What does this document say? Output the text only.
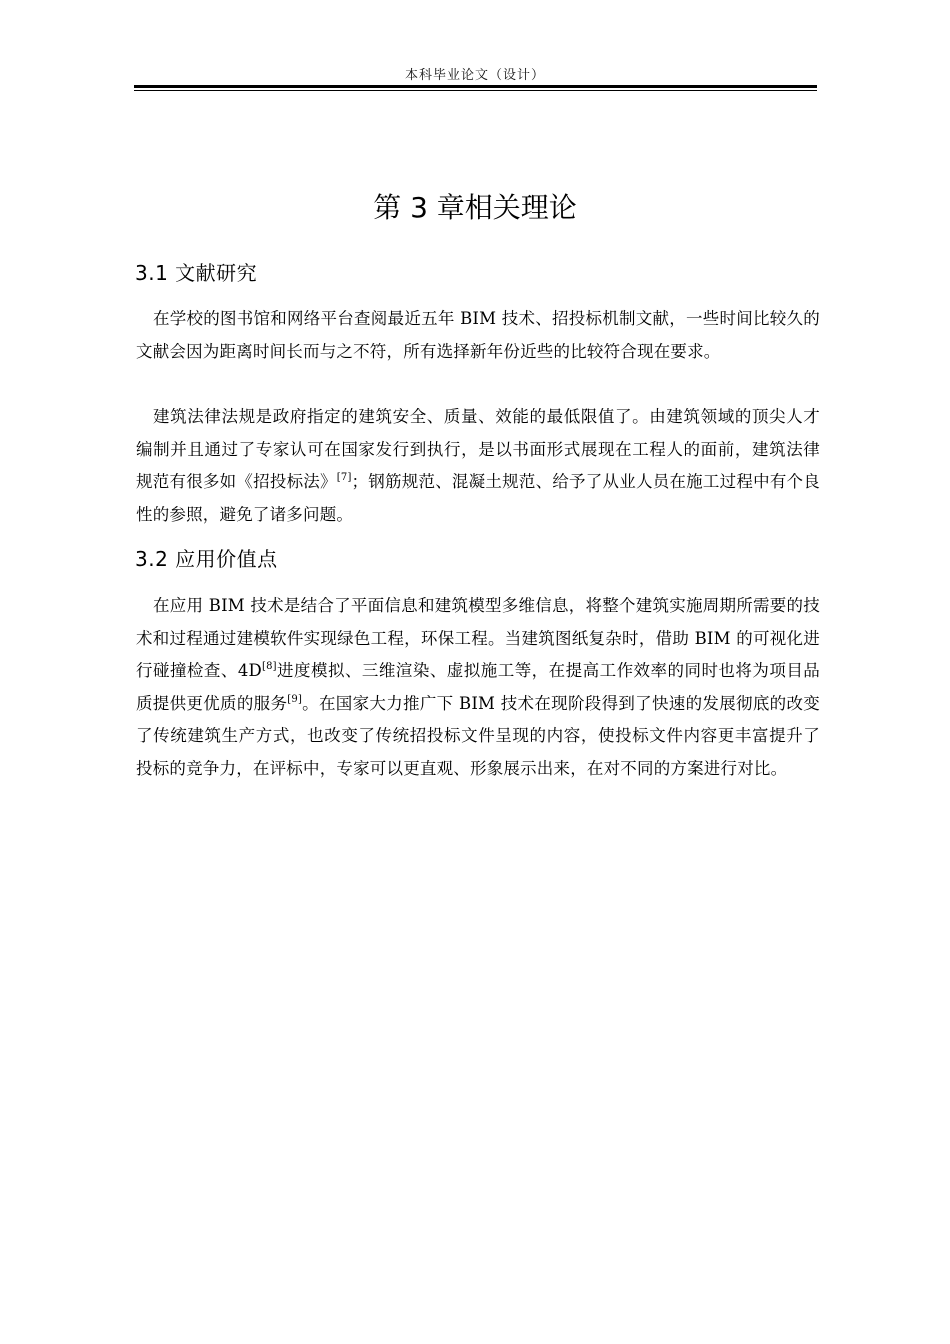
本科毕业论文（设计）
第 3 章相关理论
3.1 文献研究

在学校的图书馆和网络平台查阅最近五年 BIM 技术、招投标机制文献，一些时间比较久的文献会因为距离时间长而与之不符，所有选择新年份近些的比较符合现在要求。

建筑法律法规是政府指定的建筑安全、质量、效能的最低限值了。由建筑领域的顶尖人才编制并且通过了专家认可在国家发行到执行，是以书面形式展现在工程人的面前，建筑法律规范有很多如《招投标法》[7]；钢筋规范、混凝土规范、给予了从业人员在施工过程中有个良性的参照，避免了诸多问题。

3.2 应用价值点

在应用 BIM 技术是结合了平面信息和建筑模型多维信息，将整个建筑实施周期所需要的技术和过程通过建模软件实现绿色工程，环保工程。当建筑图纸复杂时，借助 BIM 的可视化进行碰撞检查、4D[8]进度模拟、三维渲染、虚拟施工等，在提高工作效率的同时也将为项目品质提供更优质的服务[9]。在国家大力推广下 BIM 技术在现阶段得到了快速的发展彻底的改变了传统建筑生产方式，也改变了传统招投标文件呈现的内容，使投标文件内容更丰富提升了投标的竞争力，在评标中，专家可以更直观、形象展示出来，在对不同的方案进行对比。
